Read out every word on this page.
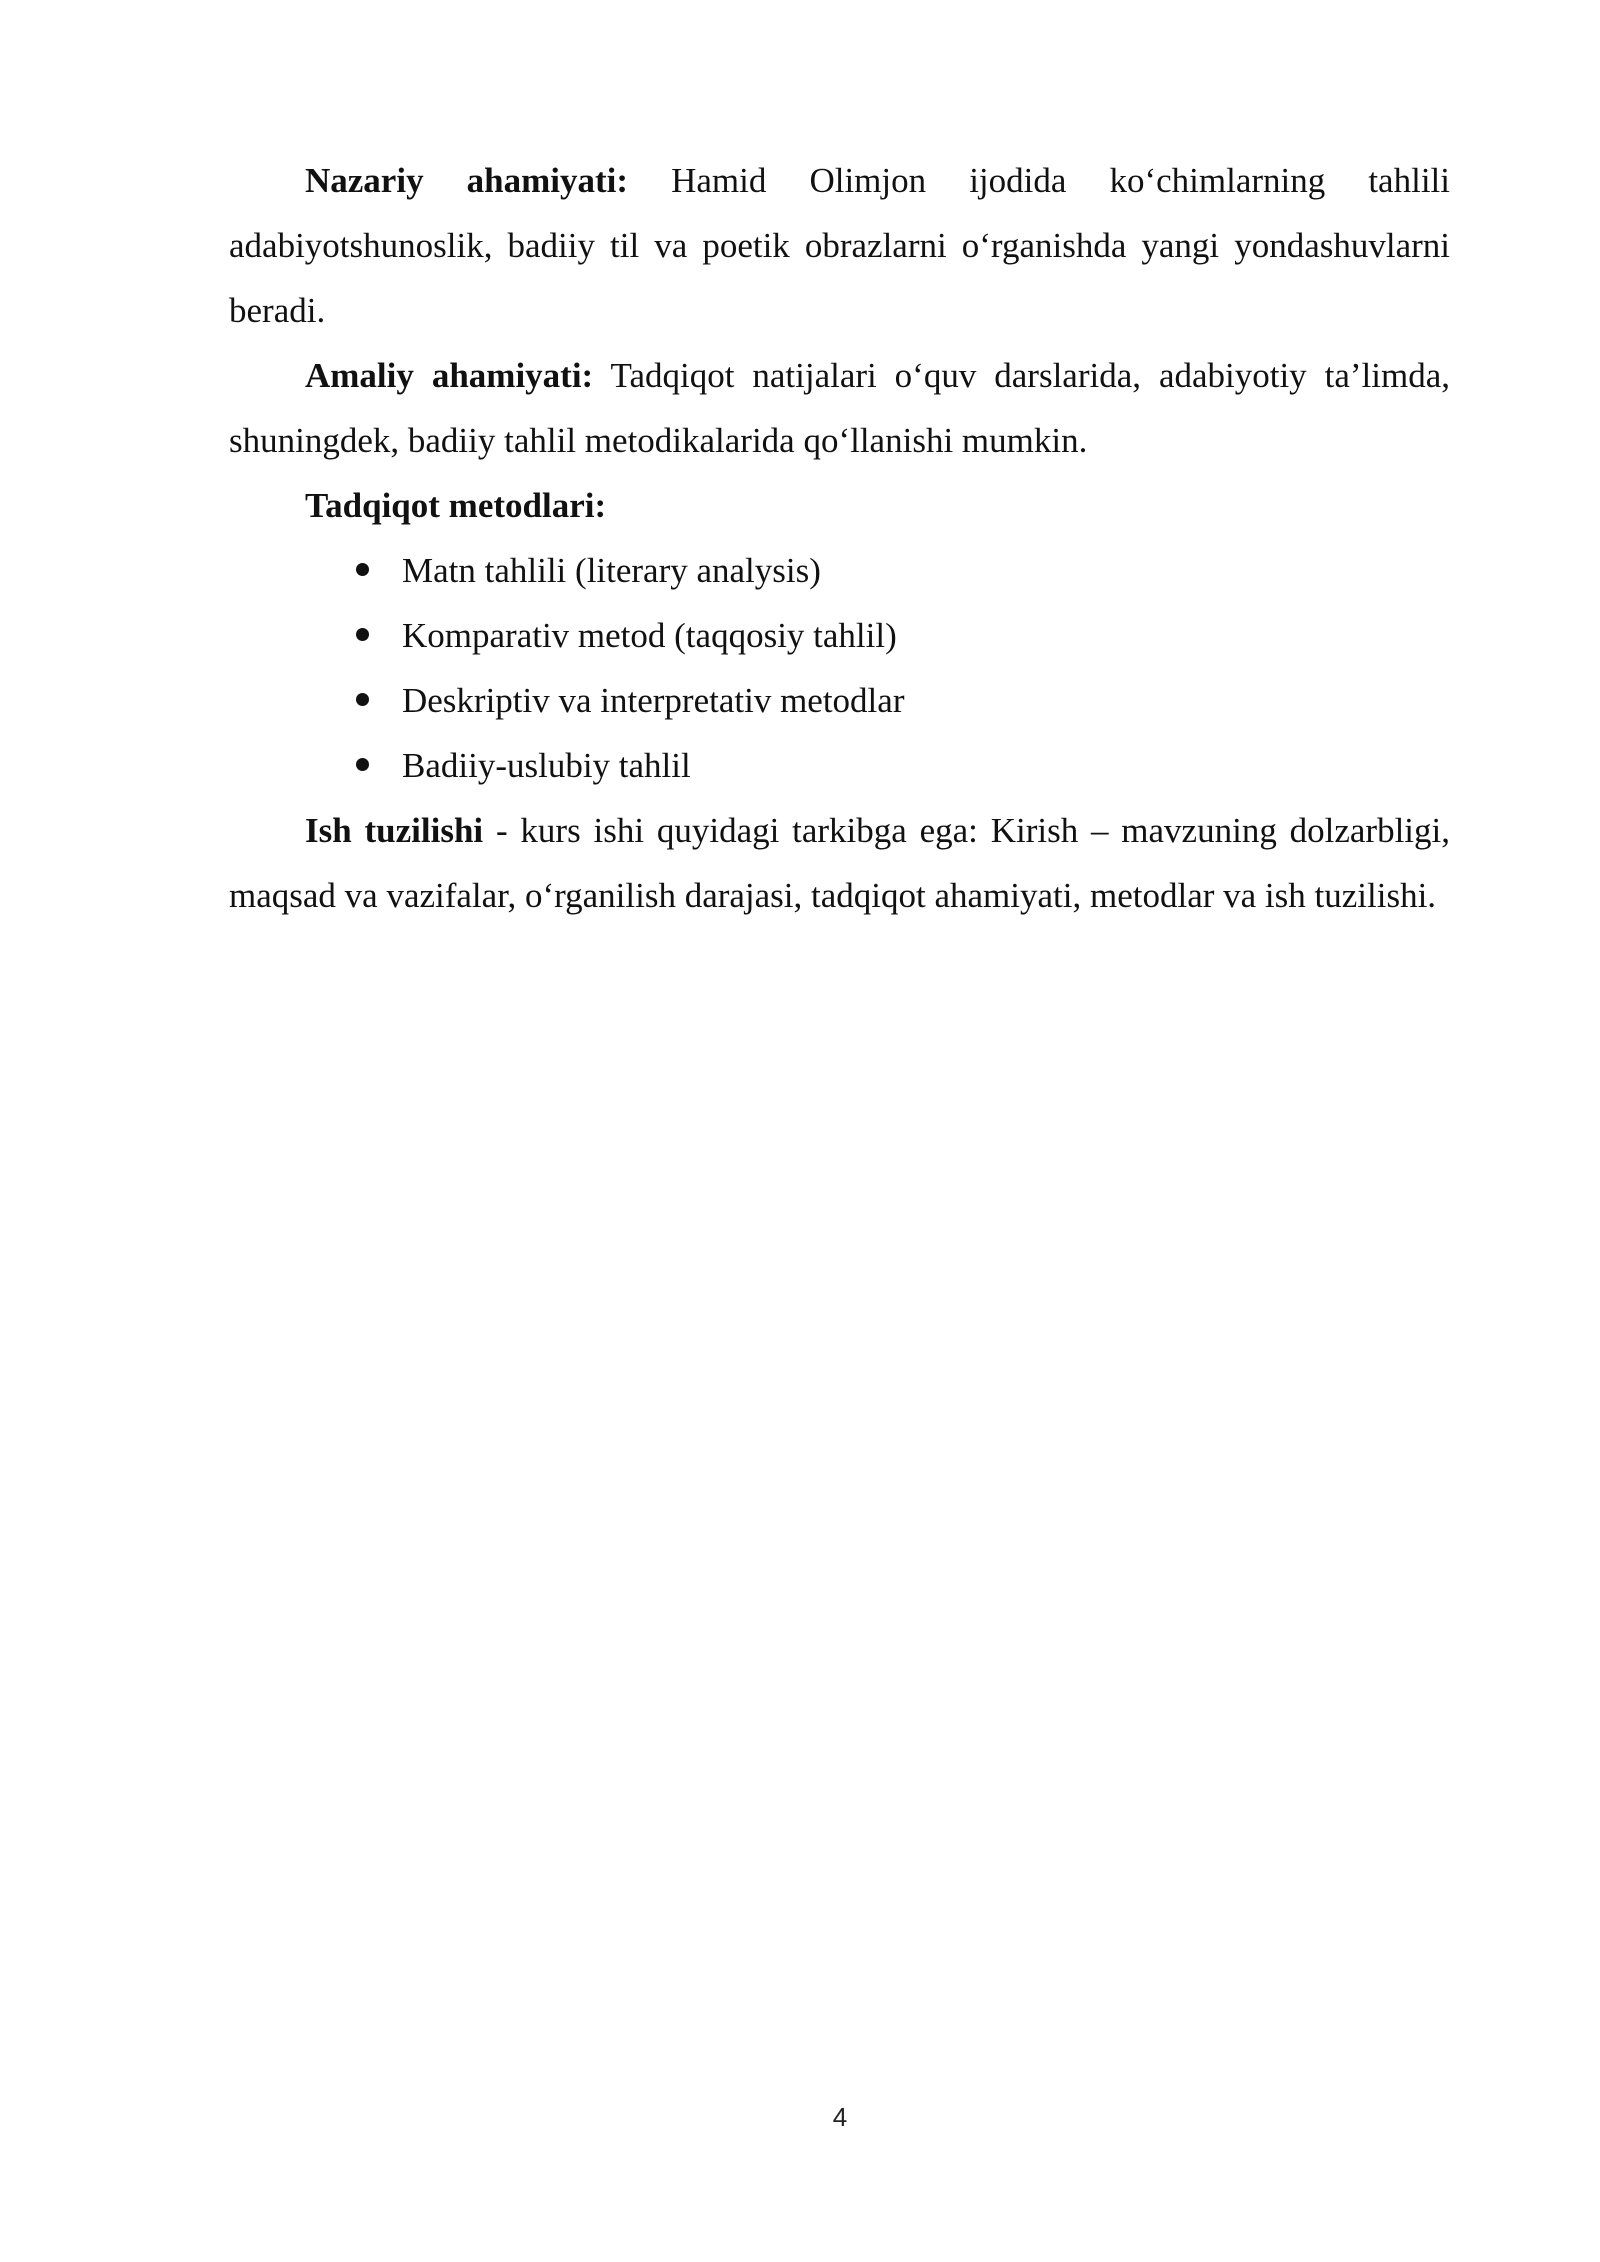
Nazariy ahamiyati: Hamid Olimjon ijodida ko‘chimlarning tahlili adabiyotshunoslik, badiiy til va poetik obrazlarni o‘rganishda yangi yondashuvlarni beradi.

Amaliy ahamiyati: Tadqiqot natijalari o‘quv darslarida, adabiyotiy ta’limda, shuningdek, badiiy tahlil metodikalarida qo‘llanishi mumkin.

Tadqiqot metodlari:

Matn tahlili (literary analysis)
Komparativ metod (taqqosiy tahlil)
Deskriptiv va interpretativ metodlar
Badiiy-uslubiy tahlil

Ish tuzilishi - kurs ishi quyidagi tarkibga ega: Kirish – mavzuning dolzarbligi, maqsad va vazifalar, o‘rganilish darajasi, tadqiqot ahamiyati, metodlar va ish tuzilishi.

4
